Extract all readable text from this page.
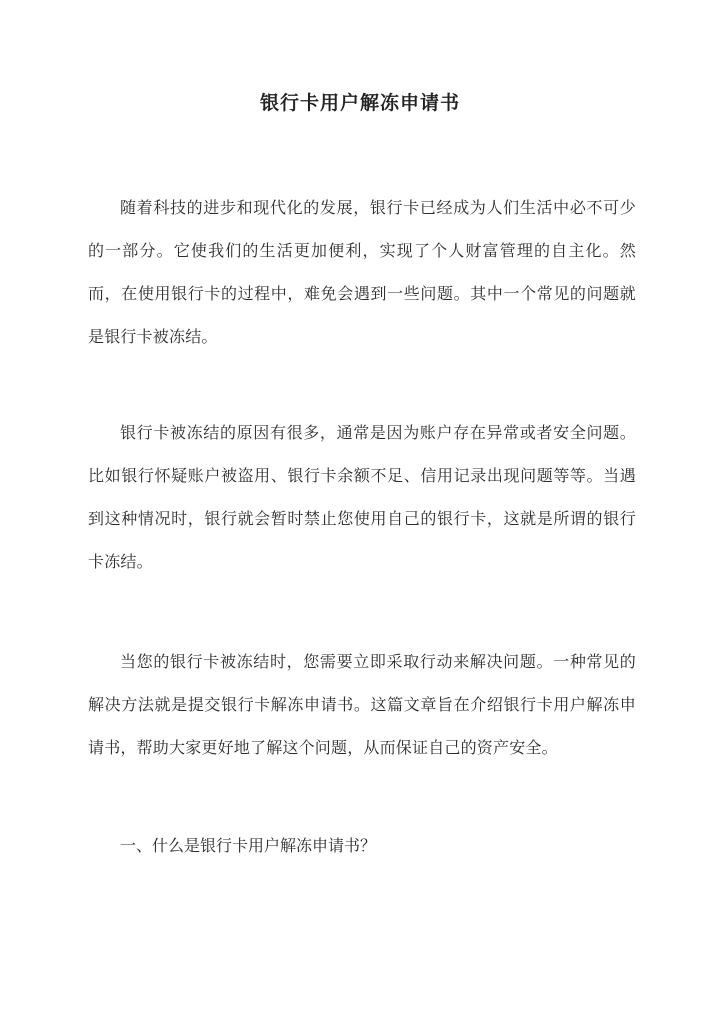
银行卡用户解冻申请书

随着科技的进步和现代化的发展，银行卡已经成为人们生活中必不可少的一部分。它使我们的生活更加便利，实现了个人财富管理的自主化。然而，在使用银行卡的过程中，难免会遇到一些问题。其中一个常见的问题就是银行卡被冻结。

银行卡被冻结的原因有很多，通常是因为账户存在异常或者安全问题。比如银行怀疑账户被盗用、银行卡余额不足、信用记录出现问题等等。当遇到这种情况时，银行就会暂时禁止您使用自己的银行卡，这就是所谓的银行卡冻结。

当您的银行卡被冻结时，您需要立即采取行动来解决问题。一种常见的解决方法就是提交银行卡解冻申请书。这篇文章旨在介绍银行卡用户解冻申请书，帮助大家更好地了解这个问题，从而保证自己的资产安全。

一、什么是银行卡用户解冻申请书？
